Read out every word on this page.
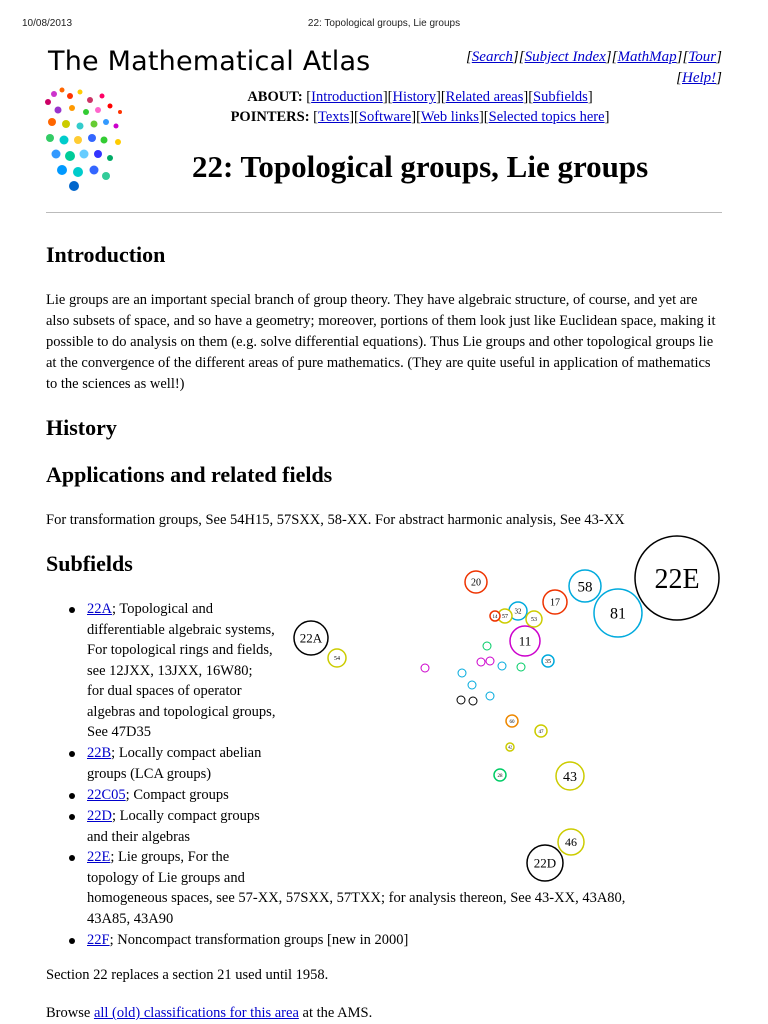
10/08/2013	22: Topological groups, Lie groups
The Mathematical Atlas	[Search][Subject Index][MathMap][Tour]
[Help!]
ABOUT: [Introduction][History][Related areas][Subfields]
POINTERS: [Texts][Software][Web links][Selected topics here]
22: Topological groups, Lie groups
Introduction

Lie groups are an important special branch of group theory. They have algebraic structure, of course, and yet are also subsets of space, and so have a geometry; moreover, portions of them look just like Euclidean space, making it possible to do analysis on them (e.g. solve differential equations). Thus Lie groups and other topological groups lie at the convergence of the different areas of pure mathematics. (They are quite useful in application of mathematics to the sciences as well!)

History
Applications and related fields

For transformation groups, See 54H15, 57SXX, 58-XX. For abstract harmonic analysis, See 43-XX

Subfields
22A; Topological and
differentiable algebraic systems,
For topological rings and fields,
see 12JXX, 13JXX, 16W80;
for dual spaces of operator
algebras and topological groups,
See 47D35
22B; Locally compact abelian
groups (LCA groups)
22C05; Compact groups
22D; Locally compact groups
and their algebras
22E; Lie groups, For the
topology of Lie groups and
homogeneous spaces, see 57-XX, 57SXX, 57TXX; for analysis thereon, See 43-XX, 43A80,
43A85, 43A90
22F; Noncompact transformation groups [new in 2000]
22E
58
81
20
17
11
32
53
57
14
22A
54	35
43
46
22D
28
60
47
42

Section 22 replaces a section 21 used until 1958.

Browse all (old) classifications for this area at the AMS.
